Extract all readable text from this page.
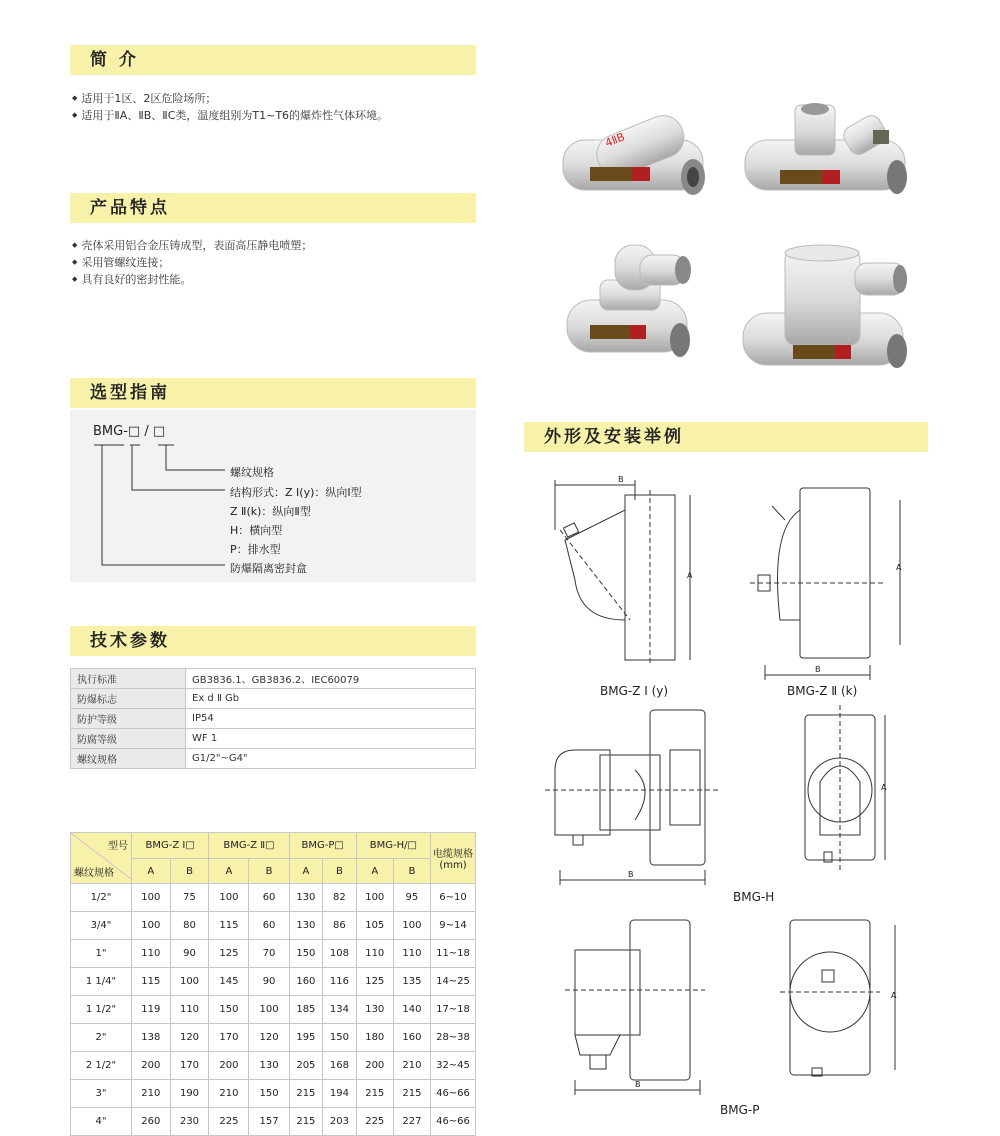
简 介
◆ 适用于1区、2区危险场所；
◆ 适用于ⅡA、ⅡB、ⅡC类，温度组别为T1~T6的爆炸性气体环境。
产品特点
◆ 壳体采用铝合金压铸成型，表面高压静电喷塑；
◆ 采用管螺纹连接；
◆ 具有良好的密封性能。
选型指南
BMG-□ / □
螺纹规格
结构形式：Z Ⅰ(y)：纵向Ⅰ型
Z Ⅱ(k)：纵向Ⅱ型
H：横向型
P：排水型
防爆隔离密封盒
技术参数
执行标准	GB3836.1、GB3836.2、IEC60079
防爆标志	Ex d Ⅱ Gb
防护等级	IP54
防腐等级	WF 1
螺纹规格	G1/2"~G4"
型号
螺纹规格	BMG-Z Ⅰ□		BMG-Z Ⅱ□		BMG-P□		BMG-H/□		电缆规格 (mm)
	A	B	A	B	A	B	A	B	
1/2"	100	75	100	60	130	82	100	95	6~10
3/4"	100	80	115	60	130	86	105	100	9~14
1"	110	90	125	70	150	108	110	110	11~18
1 1/4"	115	100	145	90	160	116	125	135	14~25
1 1/2"	119	110	150	100	185	134	130	140	17~18
2"	138	120	170	120	195	150	180	160	28~38
2 1/2"	200	170	200	130	205	168	200	210	32~45
3"	210	190	210	150	215	194	215	215	46~66
4"	260	230	225	157	215	203	225	227	46~66
4ⅡB
外形及安装举例
B
A
B
A
B
A
B
A
BMG-Z Ⅰ (y)	BMG-Z Ⅱ (k)
BMG-H
BMG-P
